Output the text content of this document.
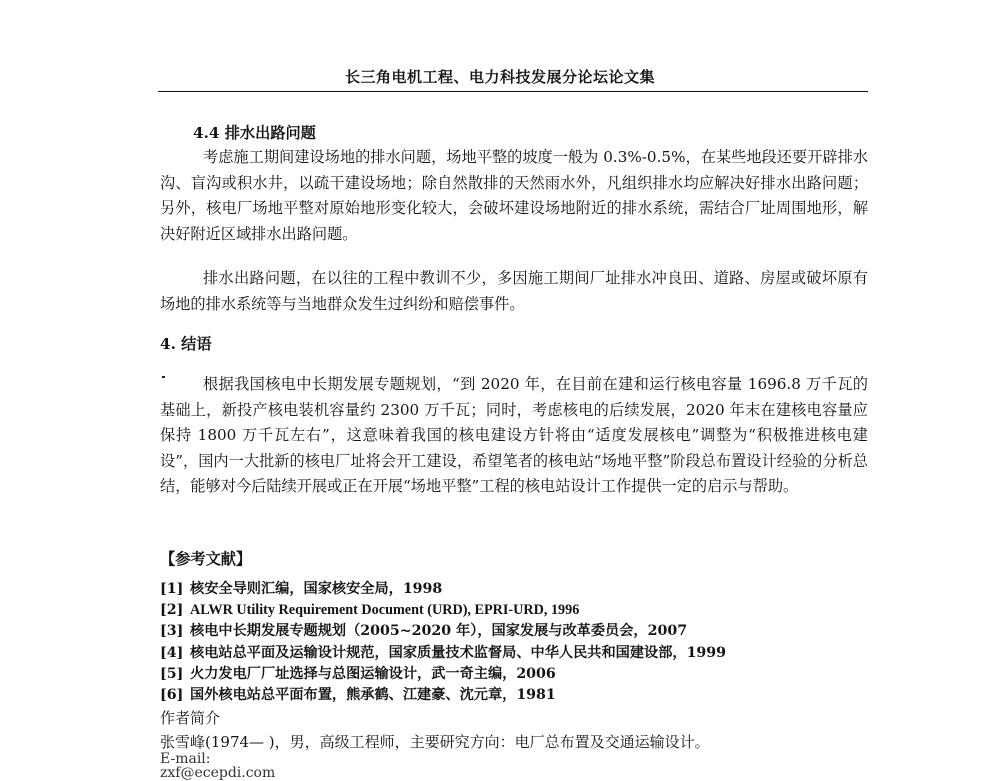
长三角电机工程、电力科技发展分论坛论文集
4.4 排水出路问题

考虑施工期间建设场地的排水问题，场地平整的坡度一般为 0.3%-0.5%，在某些地段还要开辟排水沟、盲沟或积水井，以疏干建设场地；除自然散排的天然雨水外，凡组织排水均应解决好排水出路问题；另外，核电厂场地平整对原始地形变化较大，会破坏建设场地附近的排水系统，需结合厂址周围地形，解决好附近区域排水出路问题。

排水出路问题，在以往的工程中教训不少，多因施工期间厂址排水冲良田、道路、房屋或破坏原有场地的排水系统等与当地群众发生过纠纷和赔偿事件。

4. 结语

根据我国核电中长期发展专题规划，“到 2020 年，在目前在建和运行核电容量 1696.8 万千瓦的基础上，新投产核电装机容量约 2300 万千瓦；同时，考虑核电的后续发展，2020 年末在建核电容量应保持 1800 万千瓦左右”，这意味着我国的核电建设方针将由“适度发展核电”调整为“积极推进核电建设”，国内一大批新的核电厂址将会开工建设，希望笔者的核电站“场地平整”阶段总布置设计经验的分析总结，能够对今后陆续开展或正在开展“场地平整”工程的核电站设计工作提供一定的启示与帮助。

【参考文献】
[1] 核安全导则汇编，国家核安全局，1998
[2] ALWR Utility Requirement Document (URD), EPRI-URD, 1996
[3] 核电中长期发展专题规划（2005~2020 年），国家发展与改革委员会，2007
[4] 核电站总平面及运输设计规范，国家质量技术监督局、中华人民共和国建设部，1999
[5] 火力发电厂厂址选择与总图运输设计，武一奇主编，2006
[6] 国外核电站总平面布置，熊承鹤、江建豪、沈元章，1981
作者简介
张雪峰(1974— )，男，高级工程师，主要研究方向：电厂总布置及交通运输设计。
E-mail: zxf@ecepdi.com
